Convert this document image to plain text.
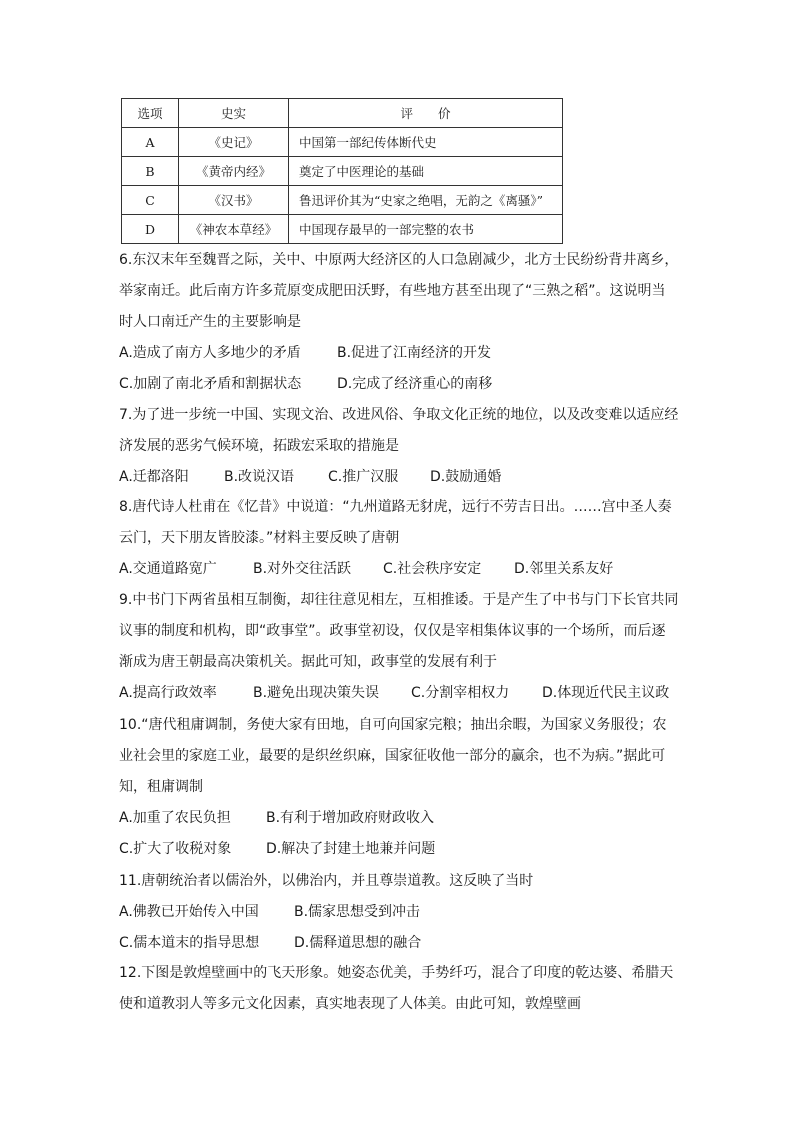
选项	史实	评　　价
A	《史记》	中国第一部纪传体断代史
B	《黄帝内经》	奠定了中医理论的基础
C	《汉书》	鲁迅评价其为“史家之绝唱，无韵之《离骚》”
D	《神农本草经》	中国现存最早的一部完整的农书
6.东汉末年至魏晋之际，关中、中原两大经济区的人口急剧减少，北方士民纷纷背井离乡，
举家南迁。此后南方许多荒原变成肥田沃野，有些地方甚至出现了“三熟之稻”。这说明当
时人口南迁产生的主要影响是
A.造成了南方人多地少的矛盾	B.促进了江南经济的开发
C.加剧了南北矛盾和割据状态	D.完成了经济重心的南移
7.为了进一步统一中国、实现文治、改进风俗、争取文化正统的地位，以及改变难以适应经
济发展的恶劣气候环境，拓跋宏采取的措施是
A.迁都洛阳	B.改说汉语 C.推广汉服 D.鼓励通婚
8.唐代诗人杜甫在《忆昔》中说道：“九州道路无豺虎，远行不劳吉日出。……宫中圣人奏
云门，天下朋友皆胶漆。”材料主要反映了唐朝
A.交通道路宽广	B.对外交往活跃 C.社会秩序安定 D.邻里关系友好
9.中书门下两省虽相互制衡，却往往意见相左，互相推诿。于是产生了中书与门下长官共同
议事的制度和机构，即“政事堂”。政事堂初设，仅仅是宰相集体议事的一个场所，而后逐
渐成为唐王朝最高决策机关。据此可知，政事堂的发展有利于
A.提高行政效率	B.避免出现决策失误 C.分割宰相权力 D.体现近代民主议政
10.“唐代租庸调制，务使大家有田地，自可向国家完粮；抽出余暇，为国家义务服役；农
业社会里的家庭工业，最要的是织丝织麻，国家征收他一部分的赢余，也不为病。”据此可
知，租庸调制
A.加重了农民负担	B.有利于增加政府财政收入
C.扩大了收税对象 D.解决了封建土地兼并问题
11.唐朝统治者以儒治外，以佛治内，并且尊崇道教。这反映了当时
A.佛教已开始传入中国	B.儒家思想受到冲击
C.儒本道末的指导思想 D.儒释道思想的融合
12.下图是敦煌壁画中的飞天形象。她姿态优美，手势纤巧，混合了印度的乾达婆、希腊天
使和道教羽人等多元文化因素，真实地表现了人体美。由此可知，敦煌壁画
